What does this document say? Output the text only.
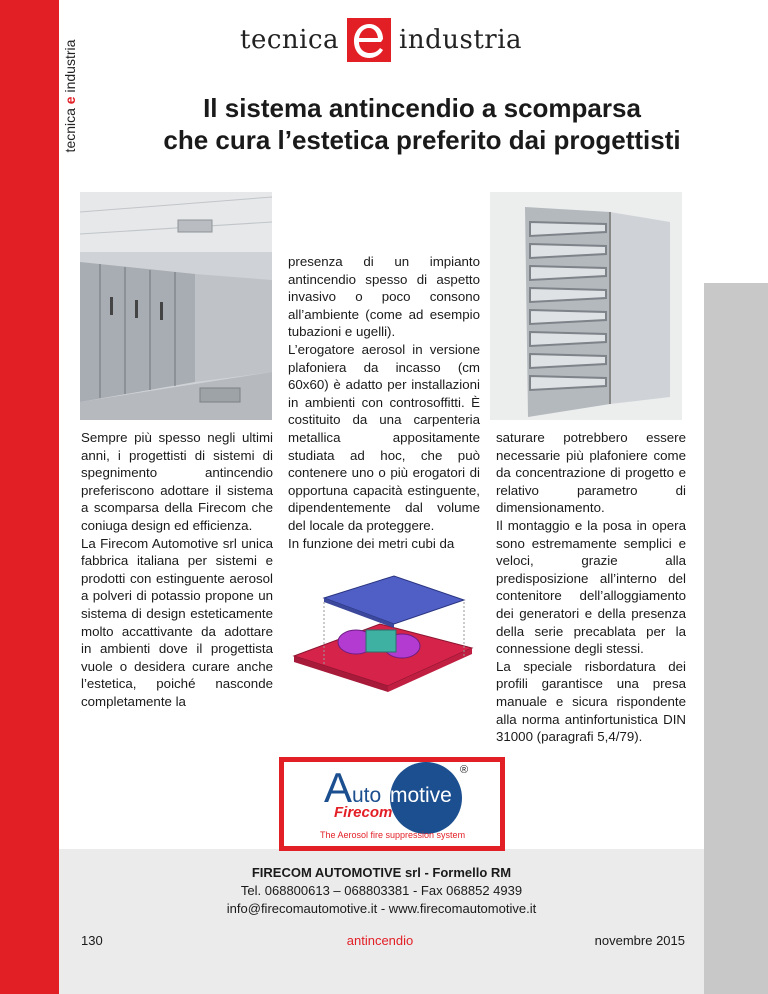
tecnica e industria	tecnica industria
Il sistema antincendio a scomparsa
che cura l’estetica preferito dai progettisti

Sempre più spesso negli ultimi anni, i progettisti di sistemi di spegnimento antincendio preferiscono adottare il sistema a scomparsa della Firecom che coniuga design ed efficienza.

La Firecom Automotive srl unica fabbrica italiana per sistemi e prodotti con estinguente aerosol a polveri di potassio propone un sistema di design esteticamente molto accattivante da adottare in ambienti dove il progettista vuole o desidera curare anche l’estetica, poiché nasconde completamente la

presenza di un impianto antincendio spesso di aspetto invasivo o poco consono all’ambiente (come ad esempio tubazioni e ugelli).

L’erogatore aerosol in versione plafoniera da incasso (cm 60x60) è adatto per installazioni in ambienti con controsoffitti. È costituito da una carpenteria metallica appositamente studiata ad hoc, che può contenere uno o più erogatori di opportuna capacità estinguente, dipendentemente dal volume del locale da proteggere.

In funzione dei metri cubi da

saturare potrebbero essere necessarie più plafoniere come da concentrazione di progetto e relativo parametro di dimensionamento.

Il montaggio e la posa in opera sono estremamente semplici e veloci, grazie alla predisposizione all’interno del contenitore dell’alloggiamento dei generatori e della presenza della serie precablata per la connessione degli stessi.

La speciale risbordatura dei profili garantisce una presa manuale e sicura rispondente alla norma antinfortunistica DIN 31000 (paragrafi 5,4/79).

A uto motive
®
Firecom
The Aerosol fire suppression system
FIRECOM AUTOMOTIVE srl - Formello RM
Tel. 068800613 – 068803381 - Fax 068852 4939
info@firecomautomotive.it - www.firecomautomotive.it
130	antincendio	novembre 2015
